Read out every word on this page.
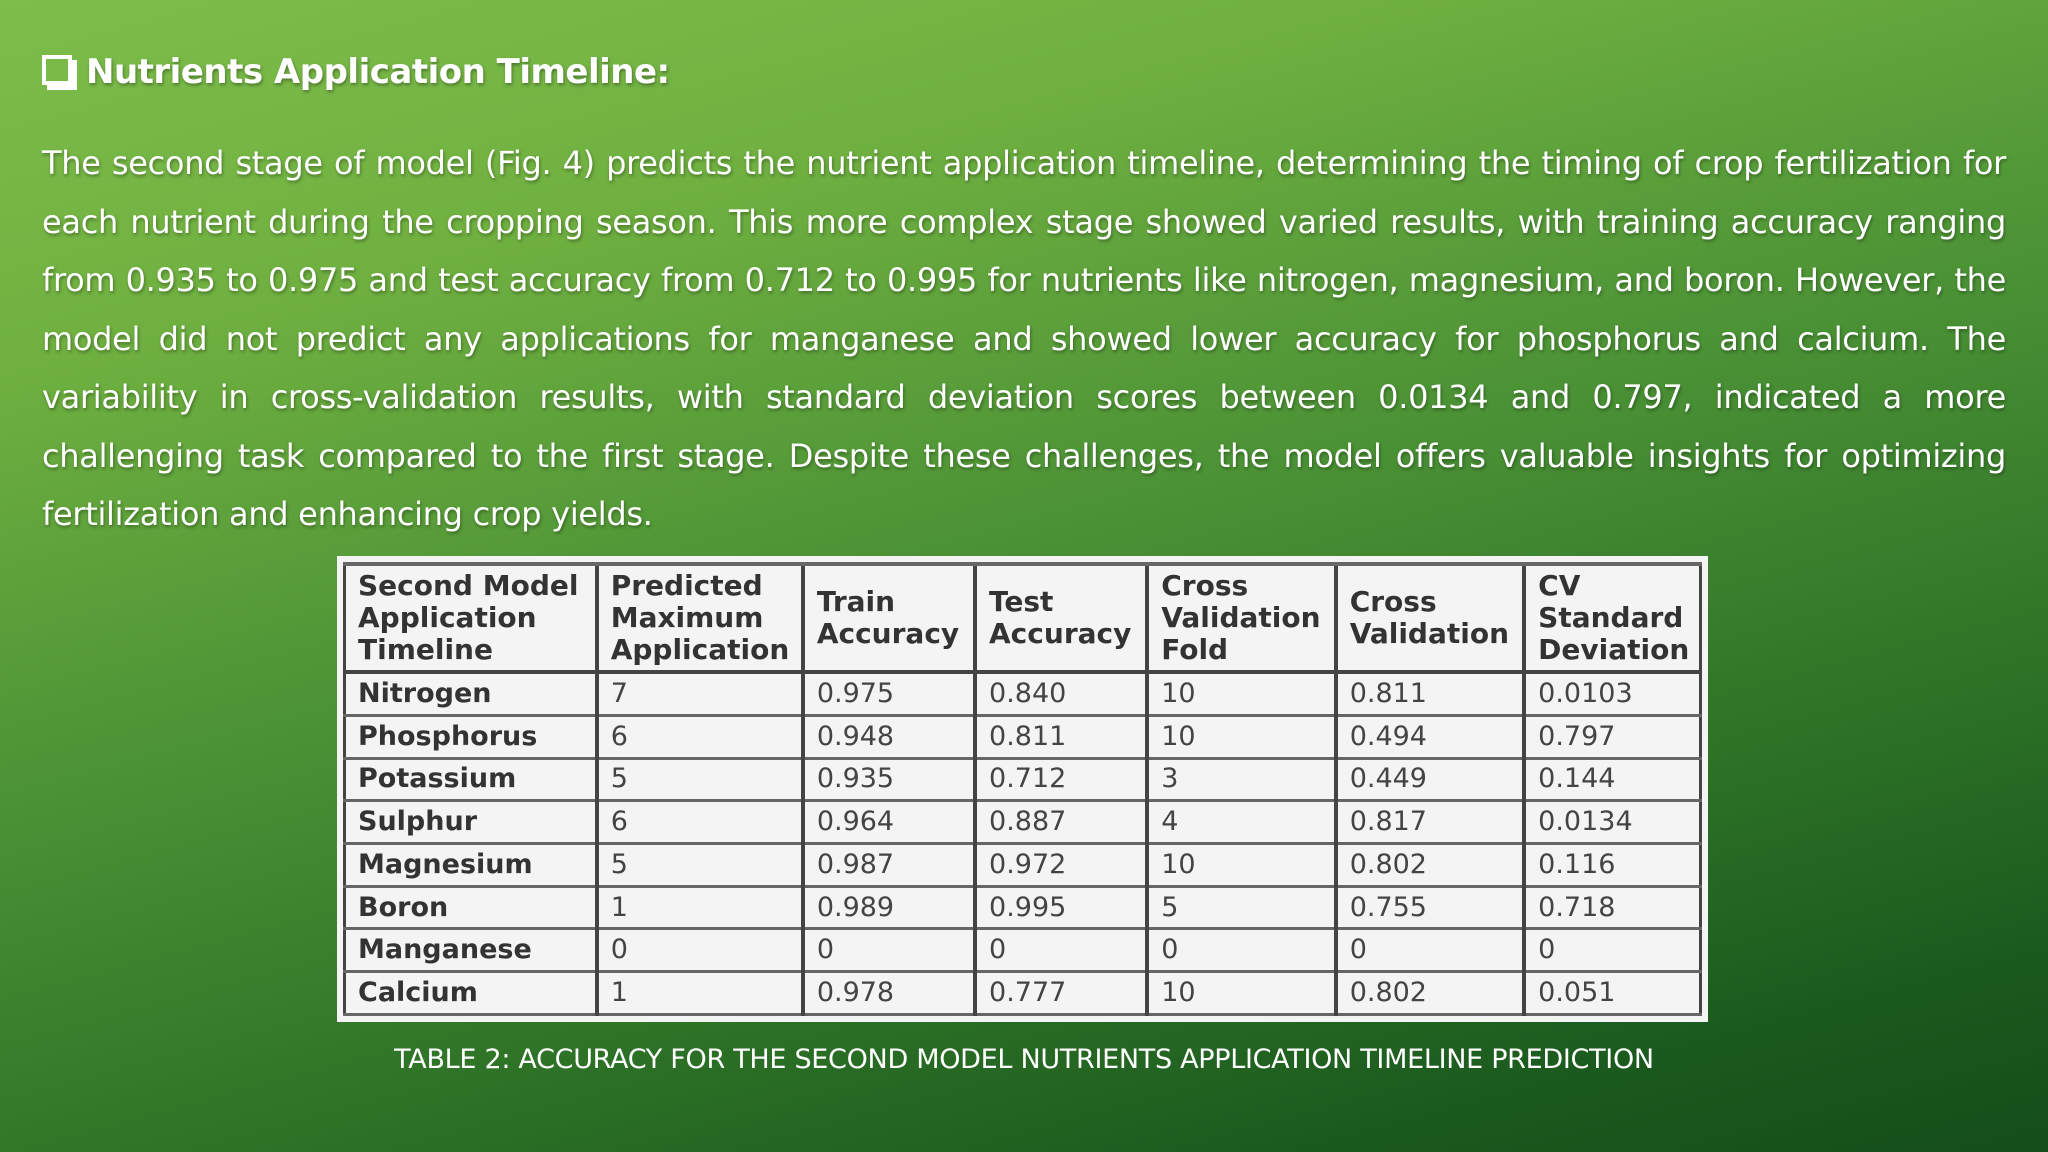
Nutrients Application Timeline:
The second stage of model (Fig. 4) predicts the nutrient application timeline, determining the timing of crop fertilization for each nutrient during the cropping season. This more complex stage showed varied results, with training accuracy ranging from 0.935 to 0.975 and test accuracy from 0.712 to 0.995 for nutrients like nitrogen, magnesium, and boron. However, the model did not predict any applications for manganese and showed lower accuracy for phosphorus and calcium. The variability in cross-validation results, with standard deviation scores between 0.0134 and 0.797, indicated a more challenging task compared to the first stage. Despite these challenges, the model offers valuable insights for optimizing fertilization and enhancing crop yields.
Second Model Application Timeline	Predicted Maximum Application	Train Accuracy	Test Accuracy	Cross Validation Fold	Cross Validation	CV Standard Deviation
Nitrogen	7	0.975	0.840	10	0.811	0.0103
Phosphorus	6	0.948	0.811	10	0.494	0.797
Potassium	5	0.935	0.712	3	0.449	0.144
Sulphur	6	0.964	0.887	4	0.817	0.0134
Magnesium	5	0.987	0.972	10	0.802	0.116
Boron	1	0.989	0.995	5	0.755	0.718
Manganese	0	0	0	0	0	0
Calcium	1	0.978	0.777	10	0.802	0.051
TABLE 2: ACCURACY FOR THE SECOND MODEL NUTRIENTS APPLICATION TIMELINE PREDICTION
